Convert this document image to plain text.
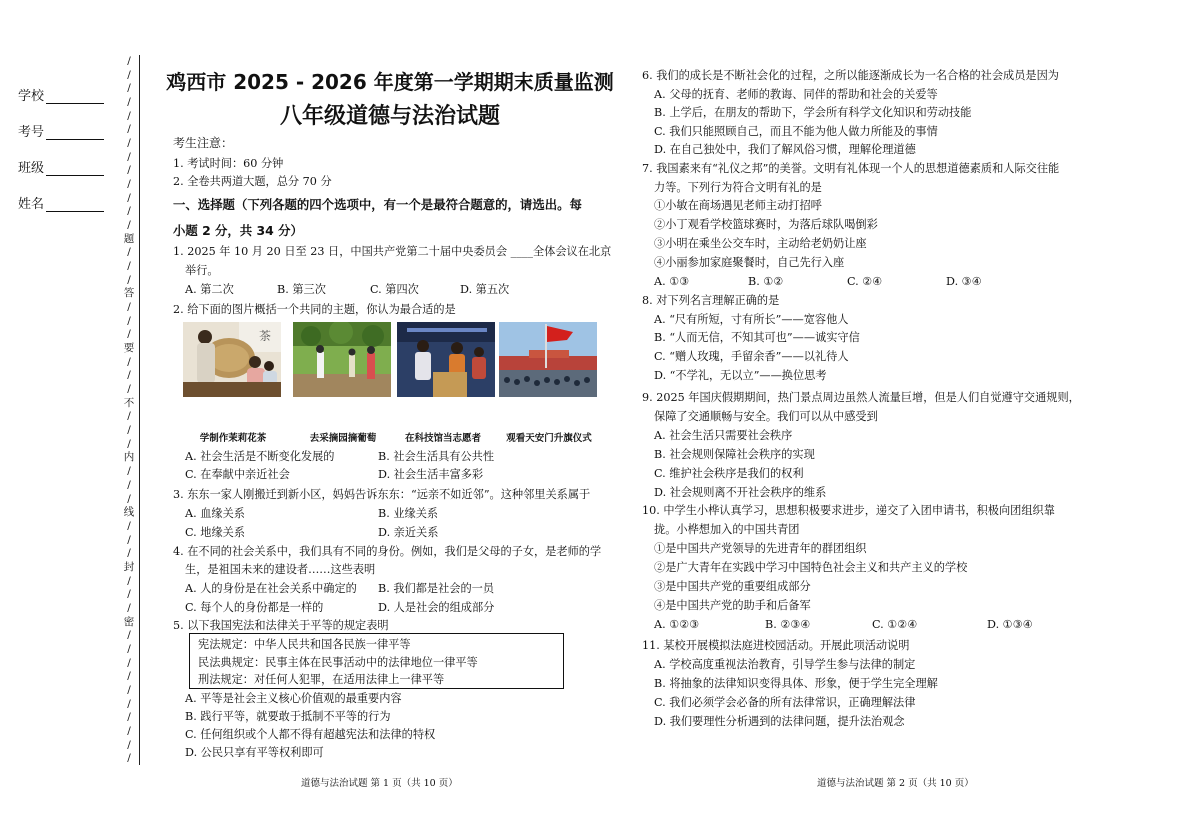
学校
考号
班级
姓名
/
/
/
/
/
/
/
/
/
/
/
/
/
题
/
/
/
答
/
/
/
要
/
/
/
不
/
/
/
内
/
/
/
线
/
/
/
封
/
/
/
密
/
/
/
/
/
/
/
/
/
/
鸡西市 2025 - 2026 年度第一学期期末质量监测
八年级道德与法治试题
考生注意：
1. 考试时间：60 分钟
2. 全卷共两道大题，总分 70 分
一、选择题（下列各题的四个选项中，有一个是最符合题意的，请选出。每
小题 2 分，共 34 分）
1. 2025 年 10 月 20 日至 23 日，中国共产党第二十届中央委员会 ____全体会议在北京
举行。
A. 第二次	B. 第三次	C. 第四次	D. 第五次
2. 给下面的图片概括一个共同的主题，你认为最合适的是
茶
学制作茉莉花茶	去采摘园摘葡萄	在科技馆当志愿者	观看天安门升旗仪式
A. 社会生活是不断变化发展的	B. 社会生活具有公共性
C. 在奉献中亲近社会	D. 社会生活丰富多彩
3. 东东一家人刚搬迁到新小区，妈妈告诉东东：“远亲不如近邻”。这种邻里关系属于
A. 血缘关系	B. 业缘关系
C. 地缘关系	D. 亲近关系
4. 在不同的社会关系中，我们具有不同的身份。例如，我们是父母的子女，是老师的学
生，是祖国未来的建设者……这些表明
A. 人的身份是在社会关系中确定的 B. 我们都是社会的一员
C. 每个人的身份都是一样的	D. 人是社会的组成部分
5. 以下我国宪法和法律关于平等的规定表明
宪法规定：中华人民共和国各民族一律平等
民法典规定：民事主体在民事活动中的法律地位一律平等
刑法规定：对任何人犯罪，在适用法律上一律平等
A. 平等是社会主义核心价值观的最重要内容
B. 践行平等，就要敢于抵制不平等的行为
C. 任何组织或个人都不得有超越宪法和法律的特权
D. 公民只享有平等权利即可
道德与法治试题 第 1 页（共 10 页）
6. 我们的成长是不断社会化的过程，之所以能逐渐成长为一名合格的社会成员是因为
A. 父母的抚育、老师的教诲、同伴的帮助和社会的关爱等
B. 上学后，在朋友的帮助下，学会所有科学文化知识和劳动技能
C. 我们只能照顾自己，而且不能为他人做力所能及的事情
D. 在自己独处中，我们了解风俗习惯，理解伦理道德
7. 我国素来有“礼仪之邦”的美誉。文明有礼体现一个人的思想道德素质和人际交往能
力等。下列行为符合文明有礼的是
①小敏在商场遇见老师主动打招呼
②小丁观看学校篮球赛时，为落后球队喝倒彩
③小明在乘坐公交车时，主动给老奶奶让座
④小丽参加家庭聚餐时，自己先行入座
A. ①③	B. ①②	C. ②④	D. ③④
8. 对下列名言理解正确的是
A. “尺有所短，寸有所长”——宽容他人
B. “人而无信，不知其可也”——诚实守信
C. “赠人玫瑰，手留余香”——以礼待人
D. “不学礼，无以立”——换位思考
9. 2025 年国庆假期期间，热门景点周边虽然人流量巨增，但是人们自觉遵守交通规则，
保障了交通顺畅与安全。我们可以从中感受到
A. 社会生活只需要社会秩序
B. 社会规则保障社会秩序的实现
C. 维护社会秩序是我们的权利
D. 社会规则离不开社会秩序的维系
10. 中学生小桦认真学习，思想积极要求进步，递交了入团申请书，积极向团组织靠
拢。小桦想加入的中国共青团
①是中国共产党领导的先进青年的群团组织
②是广大青年在实践中学习中国特色社会主义和共产主义的学校
③是中国共产党的重要组成部分
④是中国共产党的助手和后备军
A. ①②③	B. ②③④	C. ①②④	D. ①③④
11. 某校开展模拟法庭进校园活动。开展此项活动说明
A. 学校高度重视法治教育，引导学生参与法律的制定
B. 将抽象的法律知识变得具体、形象，便于学生完全理解
C. 我们必须学会必备的所有法律常识，正确理解法律
D. 我们要理性分析遇到的法律问题，提升法治观念
道德与法治试题 第 2 页（共 10 页）
